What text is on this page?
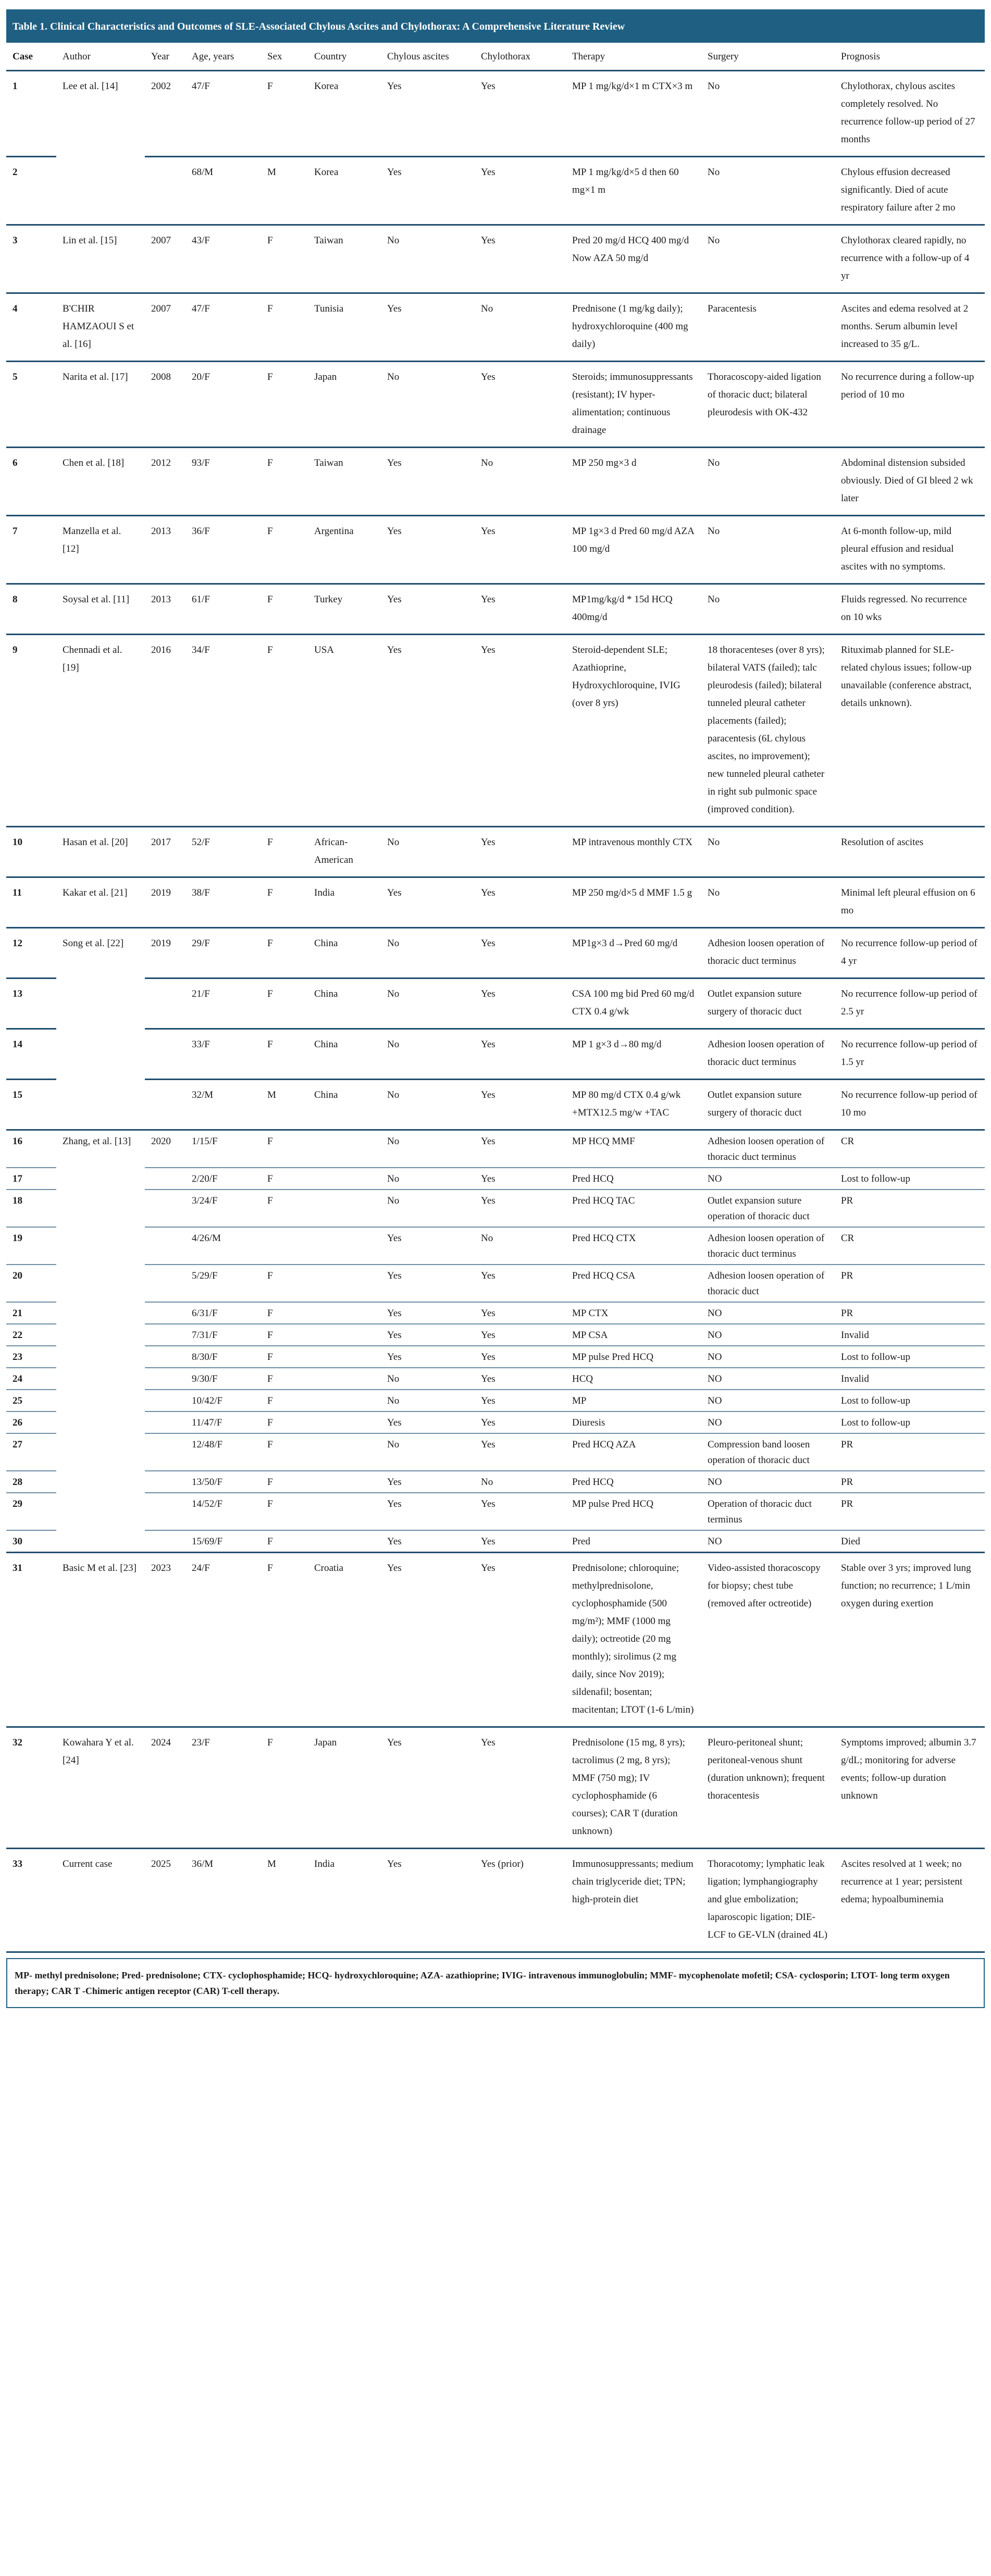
Table 1. Clinical Characteristics and Outcomes of SLE-Associated Chylous Ascites and Chylothorax: A Comprehensive Literature Review
Case	Author	Year	Age, years	Sex	Country	Chylous ascites	Chylothorax	Therapy	Surgery	Prognosis
1	Lee et al. [14]	2002	47/F	F	Korea	Yes	Yes	MP 1 mg/kg/d×1 m CTX×3 m	No	Chylothorax, chylous ascites completely resolved. No recurrence follow-up period of 27 months
2			68/M	M	Korea	Yes	Yes	MP 1 mg/kg/d×5 d then 60 mg×1 m	No	Chylous effusion decreased significantly. Died of acute respiratory failure after 2 mo
3	Lin et al. [15]	2007	43/F	F	Taiwan	No	Yes	Pred 20 mg/d HCQ 400 mg/d Now AZA 50 mg/d	No	Chylothorax cleared rapidly, no recurrence with a follow-up of 4 yr
4	B'CHIR HAMZAOUI S et al. [16]	2007	47/F	F	Tunisia	Yes	No	Prednisone (1 mg/kg daily); hydroxychloroquine (400 mg daily)	Paracentesis	Ascites and edema resolved at 2 months. Serum albumin level increased to 35 g/L.
5	Narita et al. [17]	2008	20/F	F	Japan	No	Yes	Steroids; immunosuppressants (resistant); IV hyper-alimentation; continuous drainage	Thoracoscopy-aided ligation of thoracic duct; bilateral pleurodesis with OK-432	No recurrence during a follow-up period of 10 mo
6	Chen et al. [18]	2012	93/F	F	Taiwan	Yes	No	MP 250 mg×3 d	No	Abdominal distension subsided obviously. Died of GI bleed 2 wk later
7	Manzella et al. [12]	2013	36/F	F	Argentina	Yes	Yes	MP 1g×3 d Pred 60 mg/d AZA 100 mg/d	No	At 6-month follow-up, mild pleural effusion and residual ascites with no symptoms.
8	Soysal et al. [11]	2013	61/F	F	Turkey	Yes	Yes	MP1mg/kg/d * 15d HCQ 400mg/d	No	Fluids regressed. No recurrence on 10 wks
9	Chennadi et al. [19]	2016	34/F	F	USA	Yes	Yes	Steroid-dependent SLE; Azathioprine, Hydroxychloroquine, IVIG (over 8 yrs)	18 thoracenteses (over 8 yrs); bilateral VATS (failed); talc pleurodesis (failed); bilateral tunneled pleural catheter placements (failed); paracentesis (6L chylous ascites, no improvement); new tunneled pleural catheter in right sub pulmonic space (improved condition).	Rituximab planned for SLE-related chylous issues; follow-up unavailable (conference abstract, details unknown).
10	Hasan et al. [20]	2017	52/F	F	African-American	No	Yes	MP intravenous monthly CTX	No	Resolution of ascites
11	Kakar et al. [21]	2019	38/F	F	India	Yes	Yes	MP 250 mg/d×5 d MMF 1.5 g	No	Minimal left pleural effusion on 6 mo
12	Song et al. [22]	2019	29/F	F	China	No	Yes	MP1g×3 d→Pred 60 mg/d	Adhesion loosen operation of thoracic duct terminus	No recurrence follow-up period of 4 yr
13			21/F	F	China	No	Yes	CSA 100 mg bid Pred 60 mg/d CTX 0.4 g/wk	Outlet expansion suture surgery of thoracic duct	No recurrence follow-up period of 2.5 yr
14			33/F	F	China	No	Yes	MP 1 g×3 d→80 mg/d	Adhesion loosen operation of thoracic duct terminus	No recurrence follow-up period of 1.5 yr
15			32/M	M	China	No	Yes	MP 80 mg/d CTX 0.4 g/wk +MTX12.5 mg/w +TAC	Outlet expansion suture surgery of thoracic duct	No recurrence follow-up period of 10 mo
16	Zhang, et al. [13]	2020	1/15/F	F		No	Yes	MP HCQ MMF	Adhesion loosen operation of thoracic duct terminus	CR
17			2/20/F	F		No	Yes	Pred HCQ	NO	Lost to follow-up
18			3/24/F	F		No	Yes	Pred HCQ TAC	Outlet expansion suture operation of thoracic duct	PR
19			4/26/M			Yes	No	Pred HCQ CTX	Adhesion loosen operation of thoracic duct terminus	CR
20			5/29/F	F		Yes	Yes	Pred HCQ CSA	Adhesion loosen operation of thoracic duct	PR
21			6/31/F	F		Yes	Yes	MP CTX	NO	PR
22			7/31/F	F		Yes	Yes	MP CSA	NO	Invalid
23			8/30/F	F		Yes	Yes	MP pulse Pred HCQ	NO	Lost to follow-up
24			9/30/F	F		No	Yes	HCQ	NO	Invalid
25			10/42/F	F		No	Yes	MP	NO	Lost to follow-up
26			11/47/F	F		Yes	Yes	Diuresis	NO	Lost to follow-up
27			12/48/F	F		No	Yes	Pred HCQ AZA	Compression band loosen operation of thoracic duct	PR
28			13/50/F	F		Yes	No	Pred HCQ	NO	PR
29			14/52/F	F		Yes	Yes	MP pulse Pred HCQ	Operation of thoracic duct terminus	PR
30			15/69/F	F		Yes	Yes	Pred	NO	Died
31	Basic M et al. [23]	2023	24/F	F	Croatia	Yes	Yes	Prednisolone; chloroquine; methylprednisolone, cyclophosphamide (500 mg/m²); MMF (1000 mg daily); octreotide (20 mg monthly); sirolimus (2 mg daily, since Nov 2019); sildenafil; bosentan; macitentan; LTOT (1-6 L/min)	Video-assisted thoracoscopy for biopsy; chest tube (removed after octreotide)	Stable over 3 yrs; improved lung function; no recurrence; 1 L/min oxygen during exertion
32	Kowahara Y et al. [24]	2024	23/F	F	Japan	Yes	Yes	Prednisolone (15 mg, 8 yrs); tacrolimus (2 mg, 8 yrs); MMF (750 mg); IV cyclophosphamide (6 courses); CAR T (duration unknown)	Pleuro-peritoneal shunt; peritoneal-venous shunt (duration unknown); frequent thoracentesis	Symptoms improved; albumin 3.7 g/dL; monitoring for adverse events; follow-up duration unknown
33	Current case	2025	36/M	M	India	Yes	Yes (prior)	Immunosuppressants; medium chain triglyceride diet; TPN; high-protein diet	Thoracotomy; lymphatic leak ligation; lymphangiography and glue embolization; laparoscopic ligation; DIE-LCF to GE-VLN (drained 4L)	Ascites resolved at 1 week; no recurrence at 1 year; persistent edema; hypoalbuminemia
MP- methyl prednisolone; Pred- prednisolone; CTX- cyclophosphamide; HCQ- hydroxychloroquine; AZA- azathioprine; IVIG- intravenous immunoglobulin; MMF- mycophenolate mofetil; CSA- cyclosporin; LTOT- long term oxygen therapy; CAR T -Chimeric antigen receptor (CAR) T-cell therapy.
